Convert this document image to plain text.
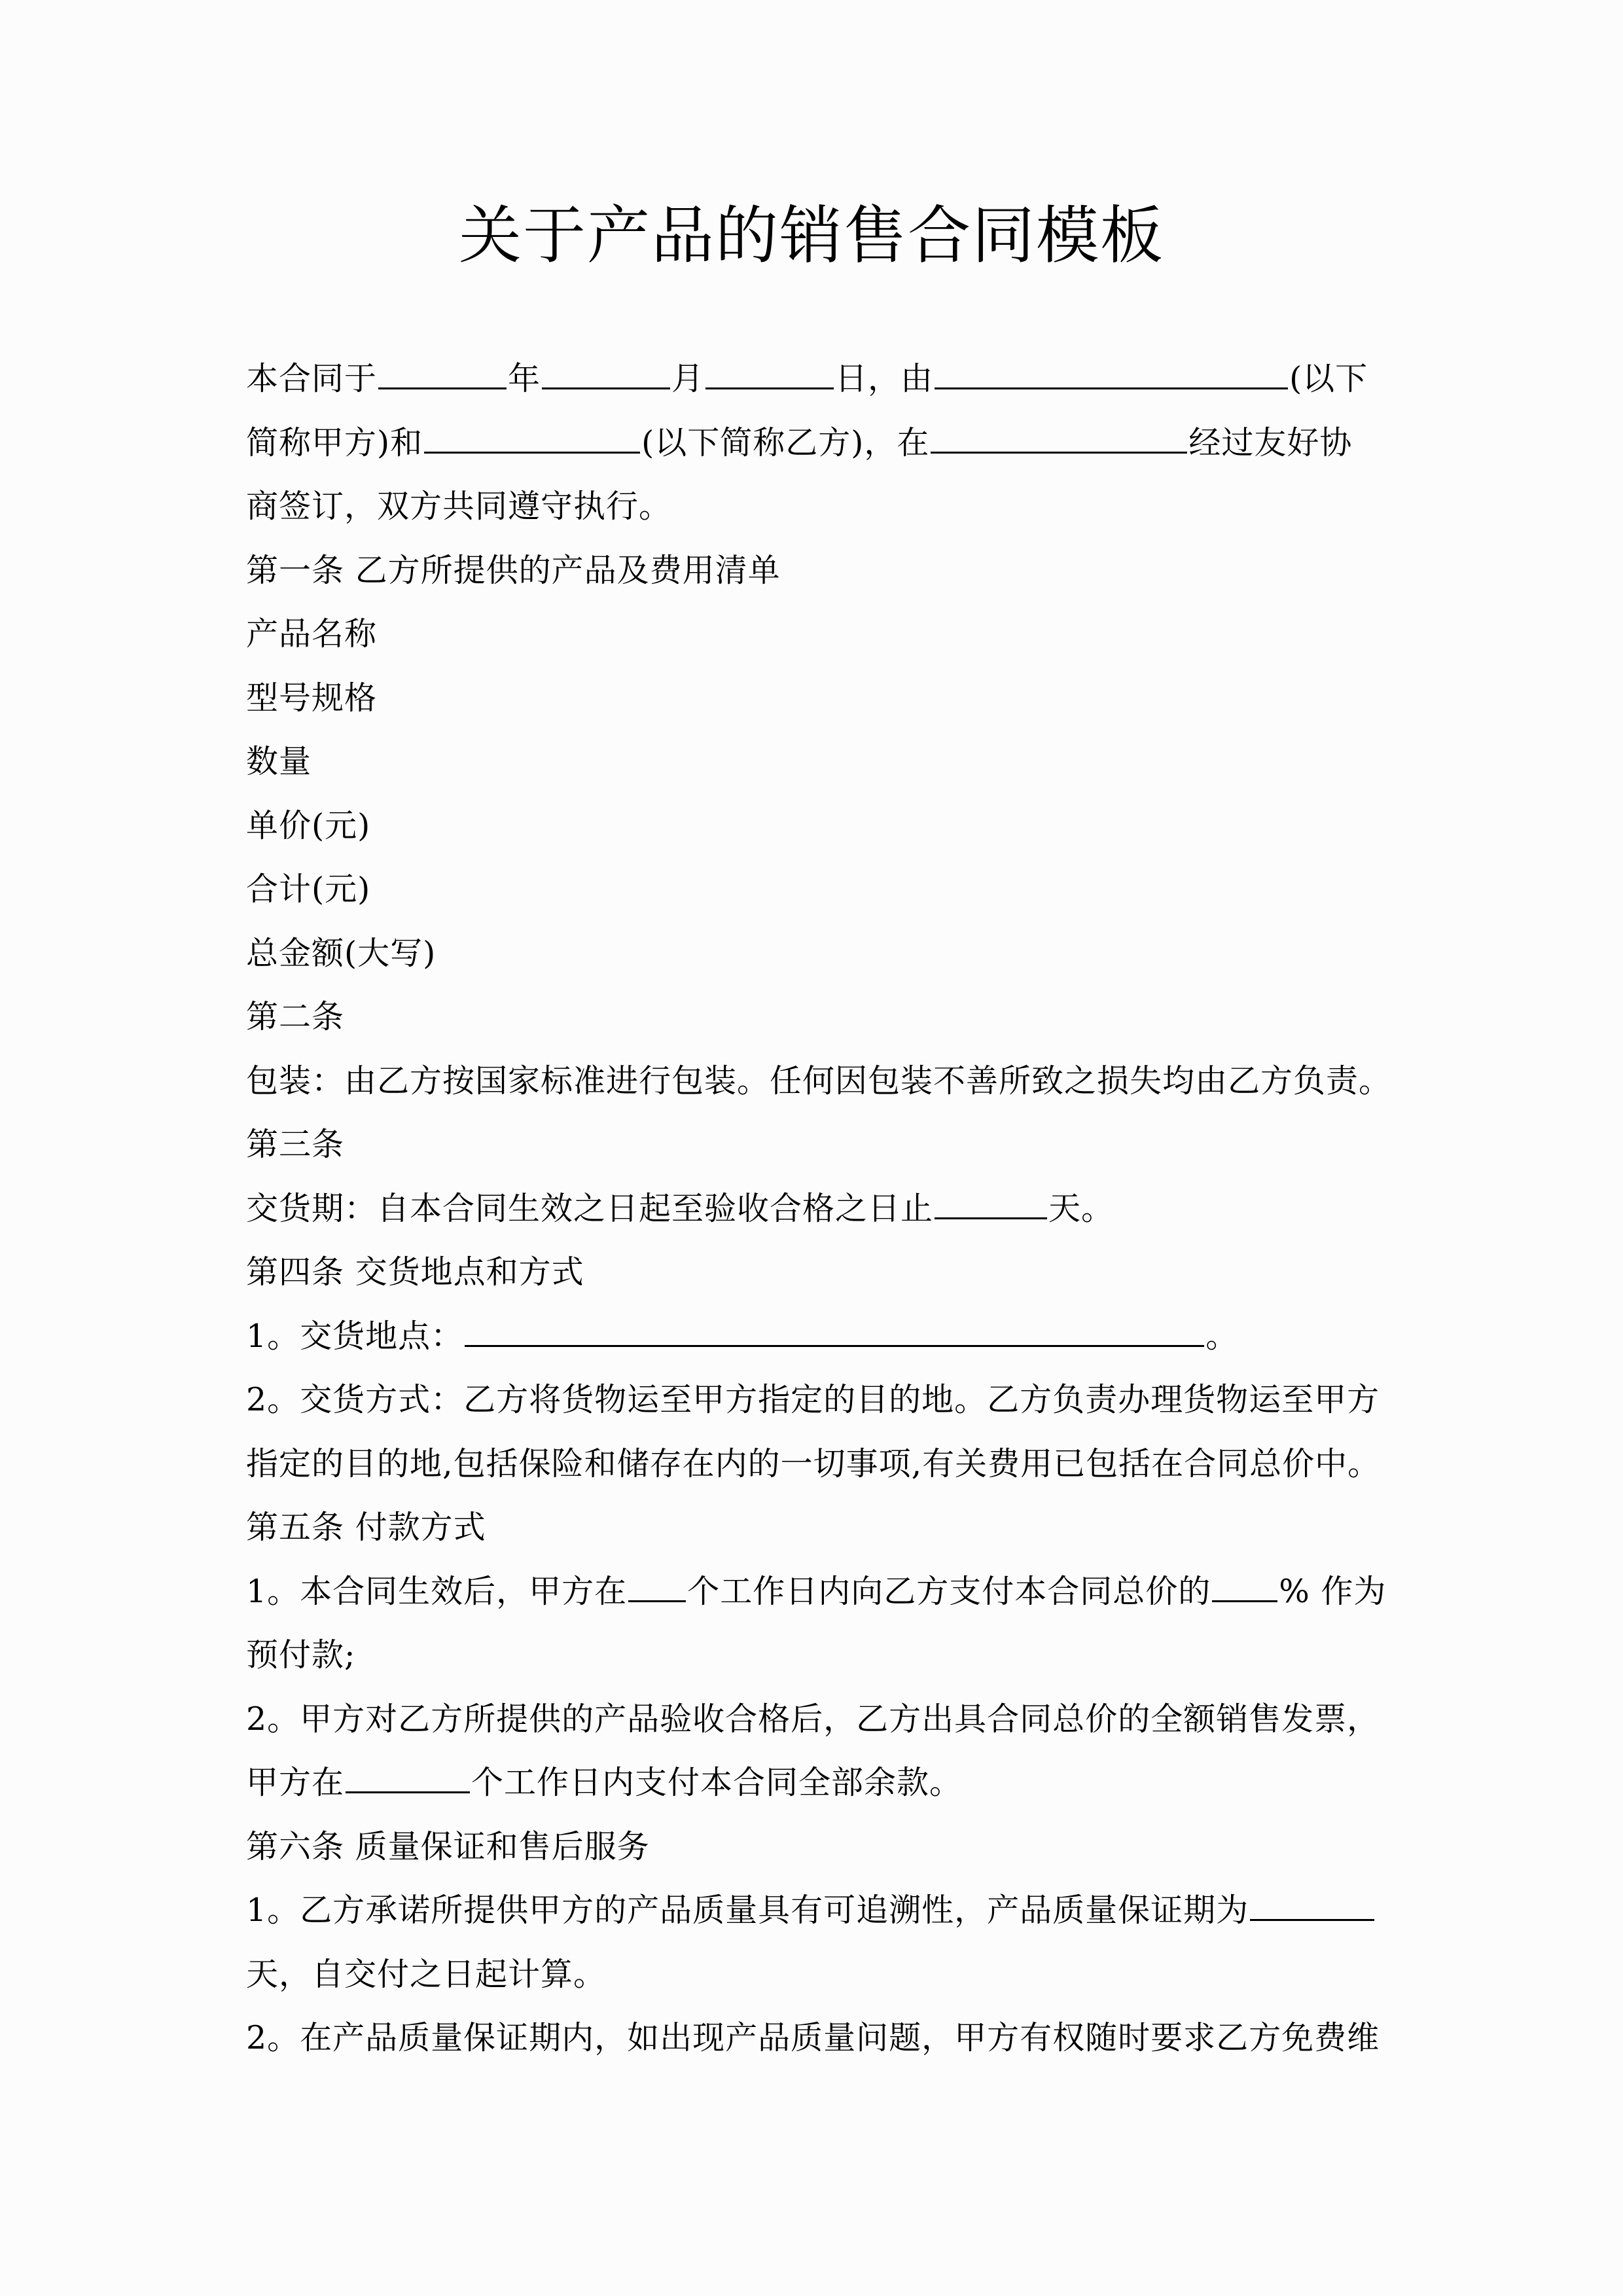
关于产品的销售合同模板
本合同于	年	月	日，由	(以下
简称甲方)和	(以下简称乙方)，在	经过友好协
商签订，双方共同遵守执行。
第一条 乙方所提供的产品及费用清单
产品名称
型号规格
数量
单价(元)
合计(元)
总金额(大写)
第二条
包装：由乙方按国家标准进行包装。任何因包装不善所致之损失均由乙方负责。
第三条
交货期：自本合同生效之日起至验收合格之日止	天。
第四条 交货地点和方式
1。交货地点：	。
2。交货方式：乙方将货物运至甲方指定的目的地。乙方负责办理货物运至甲方
指定的目的地,包括保险和储存在内的一切事项,有关费用已包括在合同总价中。
第五条 付款方式
1。本合同生效后，甲方在 个工作日内向乙方支付本合同总价的 % 作为
预付款;
2。甲方对乙方所提供的产品验收合格后，乙方出具合同总价的全额销售发票，
甲方在	个工作日内支付本合同全部余款。
第六条 质量保证和售后服务
1。乙方承诺所提供甲方的产品质量具有可追溯性，产品质量保证期为
天，自交付之日起计算。
2。在产品质量保证期内，如出现产品质量问题，甲方有权随时要求乙方免费维
